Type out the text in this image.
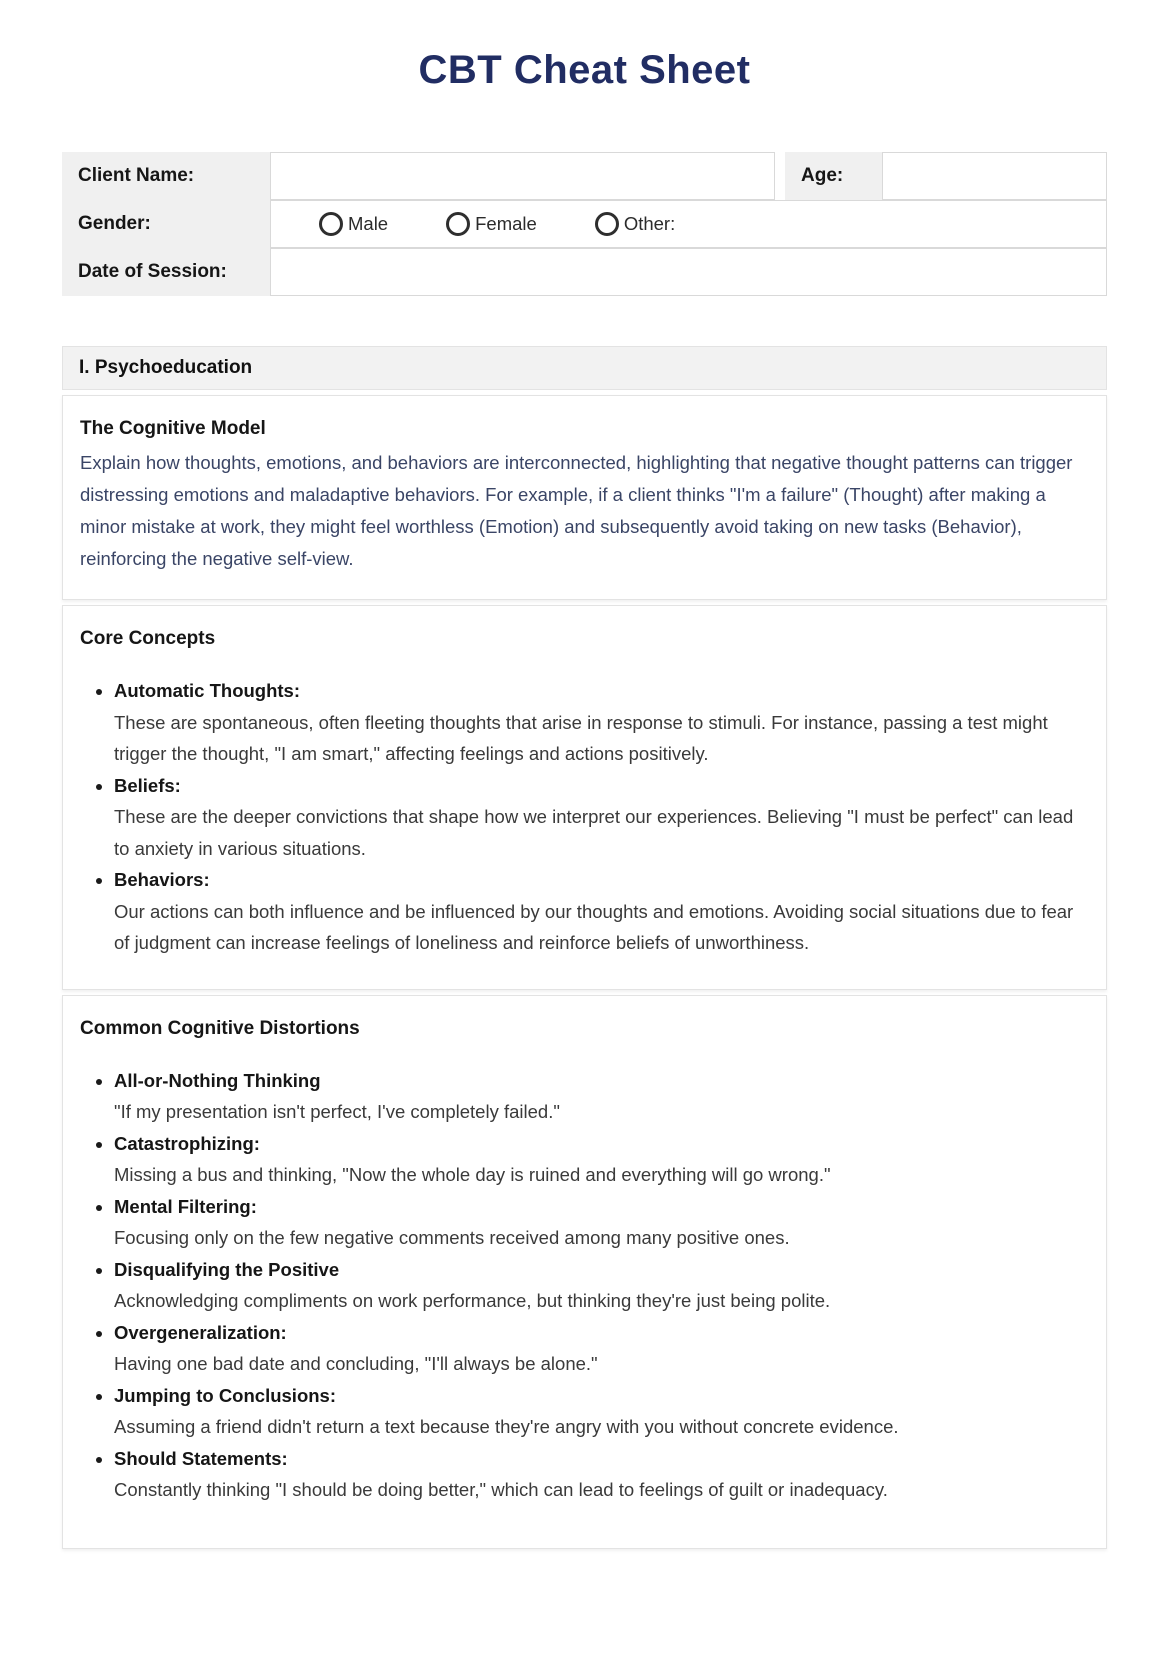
CBT Cheat Sheet
Client Name:	Age:
Gender:	Male	Female	Other:
Date of Session:
I. Psychoeducation
The Cognitive Model

Explain how thoughts, emotions, and behaviors are interconnected, highlighting that negative thought patterns can trigger distressing emotions and maladaptive behaviors. For example, if a client thinks "I'm a failure" (Thought) after making a minor mistake at work, they might feel worthless (Emotion) and subsequently avoid taking on new tasks (Behavior), reinforcing the negative self-view.

Core Concepts
• Automatic Thoughts:
These are spontaneous, often fleeting thoughts that arise in response to stimuli. For instance, passing a test might trigger the thought, "I am smart," affecting feelings and actions positively.
• Beliefs:
These are the deeper convictions that shape how we interpret our experiences. Believing "I must be perfect" can lead to anxiety in various situations.
• Behaviors:
Our actions can both influence and be influenced by our thoughts and emotions. Avoiding social situations due to fear of judgment can increase feelings of loneliness and reinforce beliefs of unworthiness.
Common Cognitive Distortions
• All-or-Nothing Thinking
"If my presentation isn't perfect, I've completely failed."
• Catastrophizing:
Missing a bus and thinking, "Now the whole day is ruined and everything will go wrong."
• Mental Filtering:
Focusing only on the few negative comments received among many positive ones.
• Disqualifying the Positive
Acknowledging compliments on work performance, but thinking they're just being polite.
• Overgeneralization:
Having one bad date and concluding, "I'll always be alone."
• Jumping to Conclusions:
Assuming a friend didn't return a text because they're angry with you without concrete evidence.
• Should Statements:
Constantly thinking "I should be doing better," which can lead to feelings of guilt or inadequacy.
